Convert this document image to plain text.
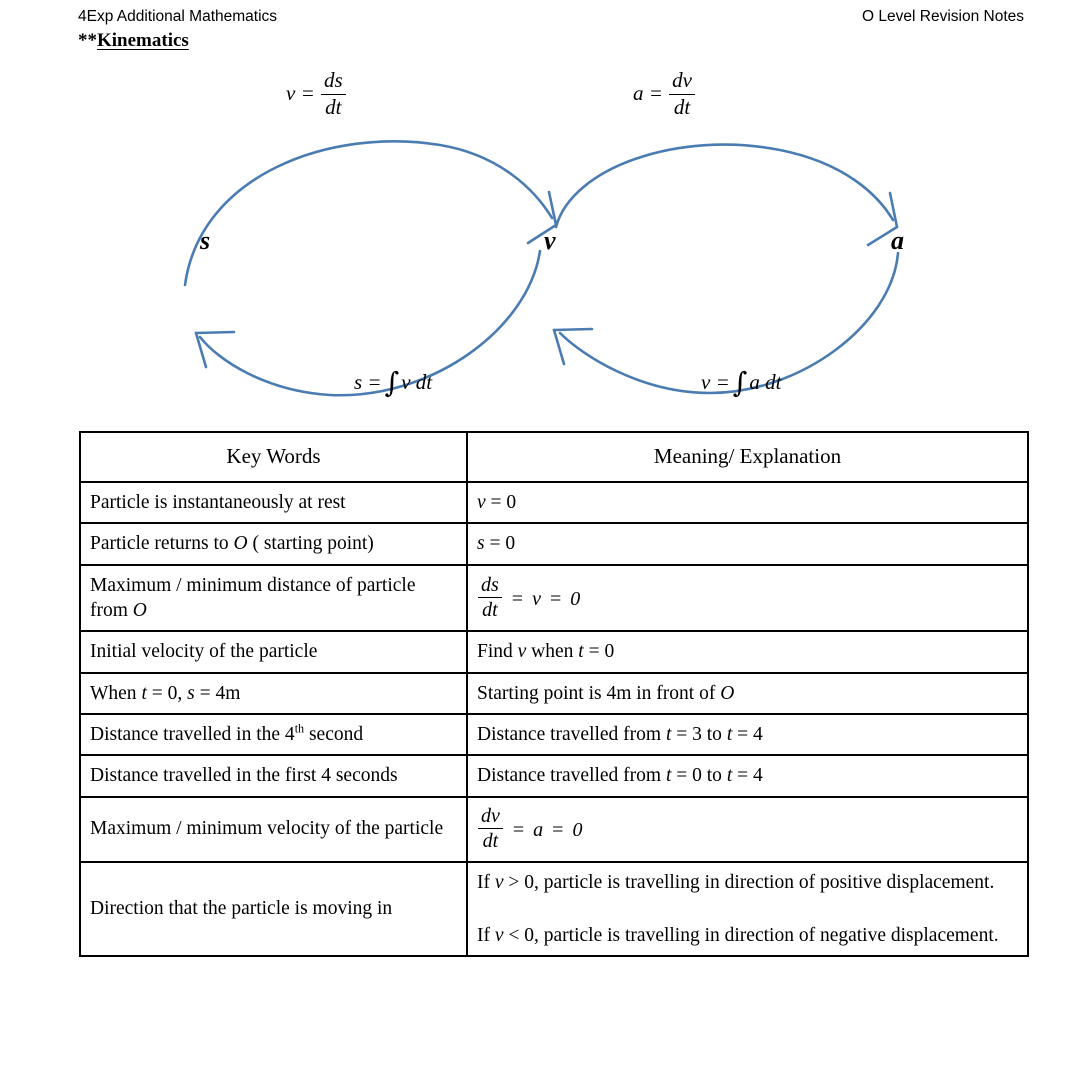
4Exp Additional Mathematics	O Level Revision Notes
**Kinematics
s	v	a
$v = \frac{ds}{dt}$	$a = \frac{dv}{dt}$
s = ∫v dt	v = ∫a dt
Key Words	Meaning/ Explanation
Particle is instantaneously at rest	v = 0
Particle returns to O ( starting point)	s = 0
Maximum / minimum distance of particle from O	$\frac{ds}{dt} = v = 0$

Initial velocity of the particle	Find v when t = 0
When t = 0, s = 4m	Starting point is 4m in front of O
Distance travelled in the 4th second	Distance travelled from t = 3 to t = 4
Distance travelled in the first 4 seconds	Distance travelled from t = 0 to t = 4
Maximum / minimum velocity of the particle	$\frac{dv}{dt} = a = 0$

Direction that the particle is moving in	If v > 0, particle is travelling in direction of positive displacement.

If v < 0, particle is travelling in direction of negative displacement.
